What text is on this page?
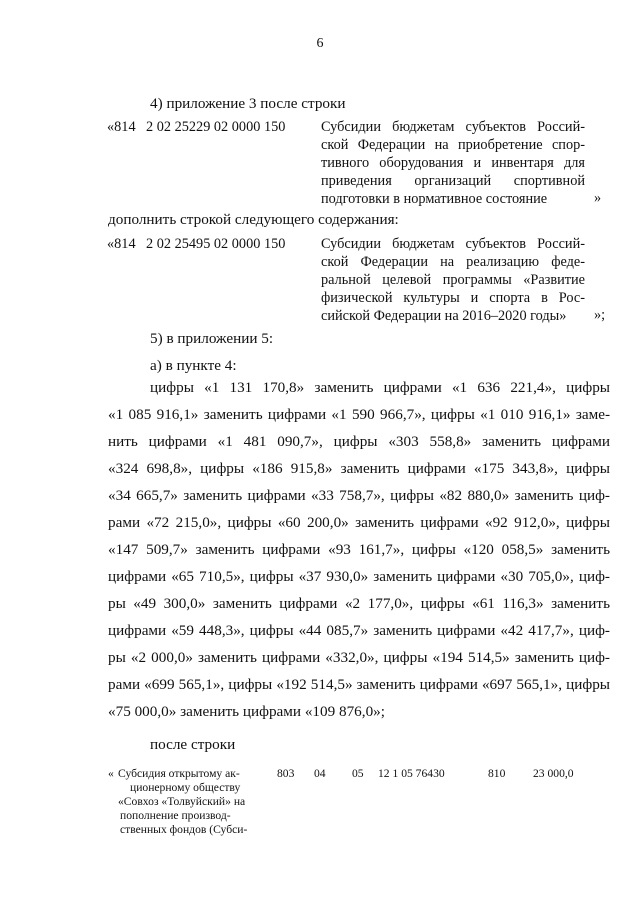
6
4) приложение 3 после строки
«814 2 02 25229 02 0000 150 Субсидии бюджетам субъектов Россий-
ской Федерации на приобретение спор-
тивного оборудования и инвентаря для
приведения организаций спортивной
подготовки в нормативное состояние	»
дополнить строкой следующего содержания:
«814 2 02 25495 02 0000 150 Субсидии бюджетам субъектов Россий-
ской Федерации на реализацию феде-
ральной целевой программы «Развитие
физической культуры и спорта в Рос-
сийской Федерации на 2016–2020 годы»	»;
5) в приложении 5:
а) в пункте 4:
цифры «1 131 170,8» заменить цифрами «1 636 221,4», цифры
«1 085 916,1» заменить цифрами «1 590 966,7», цифры «1 010 916,1» заме-
нить цифрами «1 481 090,7», цифры «303 558,8» заменить цифрами
«324 698,8», цифры «186 915,8» заменить цифрами «175 343,8», цифры
«34 665,7» заменить цифрами «33 758,7», цифры «82 880,0» заменить циф-
рами «72 215,0», цифры «60 200,0» заменить цифрами «92 912,0», цифры
«147 509,7» заменить цифрами «93 161,7», цифры «120 058,5» заменить
цифрами «65 710,5», цифры «37 930,0» заменить цифрами «30 705,0», циф-
ры «49 300,0» заменить цифрами «2 177,0», цифры «61 116,3» заменить
цифрами «59 448,3», цифры «44 085,7» заменить цифрами «42 417,7», циф-
ры «2 000,0» заменить цифрами «332,0», цифры «194 514,5» заменить циф-
рами «699 565,1», цифры «192 514,5» заменить цифрами «697 565,1», цифры
«75 000,0» заменить цифрами «109 876,0»;
после строки
« Субсидия открытому ак-
ционерному обществу
«Совхоз «Толвуйский» на
пополнение производ-
ственных фондов (Субси-
803 04 05 12 1 05 76430	810 23 000,0
